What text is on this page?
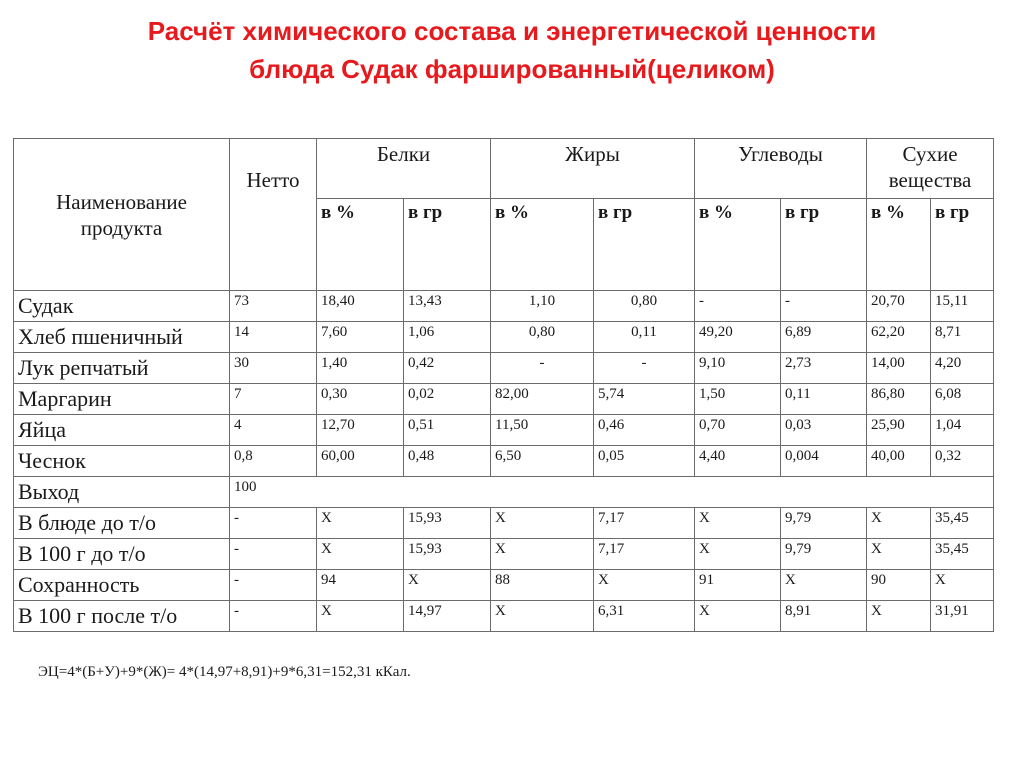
Расчёт химического состава и энергетической ценности
блюда Судак фаршированный(целиком)
Наименование продукта	Нетто	Белки		Жиры		Углеводы		Сухие вещества	
		в %	в гр	в %	в гр	в %	в гр	в %	в гр
Судак	73	18,40	13,43	1,10	0,80	-	-	20,70	15,11
Хлеб пшеничный	14	7,60	1,06	0,80	0,11	49,20	6,89	62,20	8,71
Лук репчатый	30	1,40	0,42	-	-	9,10	2,73	14,00	4,20
Маргарин	7	0,30	0,02	82,00	5,74	1,50	0,11	86,80	6,08
Яйца	4	12,70	0,51	11,50	0,46	0,70	0,03	25,90	1,04
Чеснок	0,8	60,00	0,48	6,50	0,05	4,40	0,004	40,00	0,32
Выход	100								
В блюде до т/о	-	Х	15,93	Х	7,17	Х	9,79	Х	35,45
В 100 г до т/о	-	Х	15,93	Х	7,17	Х	9,79	Х	35,45
Сохранность	-	94	Х	88	Х	91	Х	90	Х
В 100 г после т/о	-	Х	14,97	Х	6,31	Х	8,91	Х	31,91
ЭЦ=4*(Б+У)+9*(Ж)= 4*(14,97+8,91)+9*6,31=152,31 кКал.
